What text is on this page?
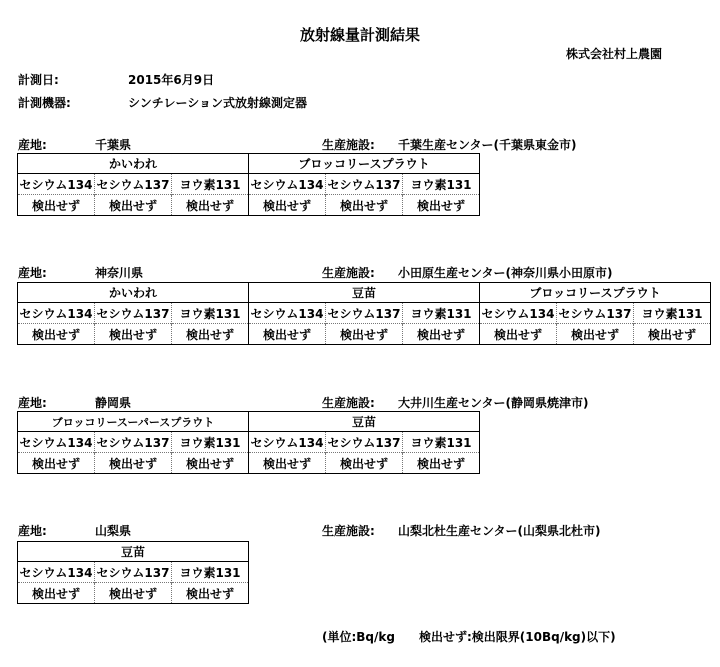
放射線量計測結果
株式会社村上農園
計測日:	2015年6月9日
計測機器:	シンチレーション式放射線測定器
産地:	千葉県	生産施設: 千葉生産センター(千葉県東金市)
かいわれ			ブロッコリースプラウト		
セシウム134	セシウム137	ヨウ素131	セシウム134	セシウム137	ヨウ素131
検出せず	検出せず	検出せず	検出せず	検出せず	検出せず
産地:	神奈川県	生産施設: 小田原生産センター(神奈川県小田原市)
かいわれ			豆苗			ブロッコリースプラウト		
セシウム134	セシウム137	ヨウ素131	セシウム134	セシウム137	ヨウ素131	セシウム134	セシウム137	ヨウ素131
検出せず	検出せず	検出せず	検出せず	検出せず	検出せず	検出せず	検出せず	検出せず
産地:	静岡県	生産施設: 大井川生産センター(静岡県焼津市)
ブロッコリースーパースプラウト			豆苗		
セシウム134	セシウム137	ヨウ素131	セシウム134	セシウム137	ヨウ素131
検出せず	検出せず	検出せず	検出せず	検出せず	検出せず
産地:	山梨県	生産施設: 山梨北杜生産センター(山梨県北杜市)
豆苗		
セシウム134	セシウム137	ヨウ素131
検出せず	検出せず	検出せず
(単位:Bq/kg　　検出せず:検出限界(10Bq/kg)以下)
